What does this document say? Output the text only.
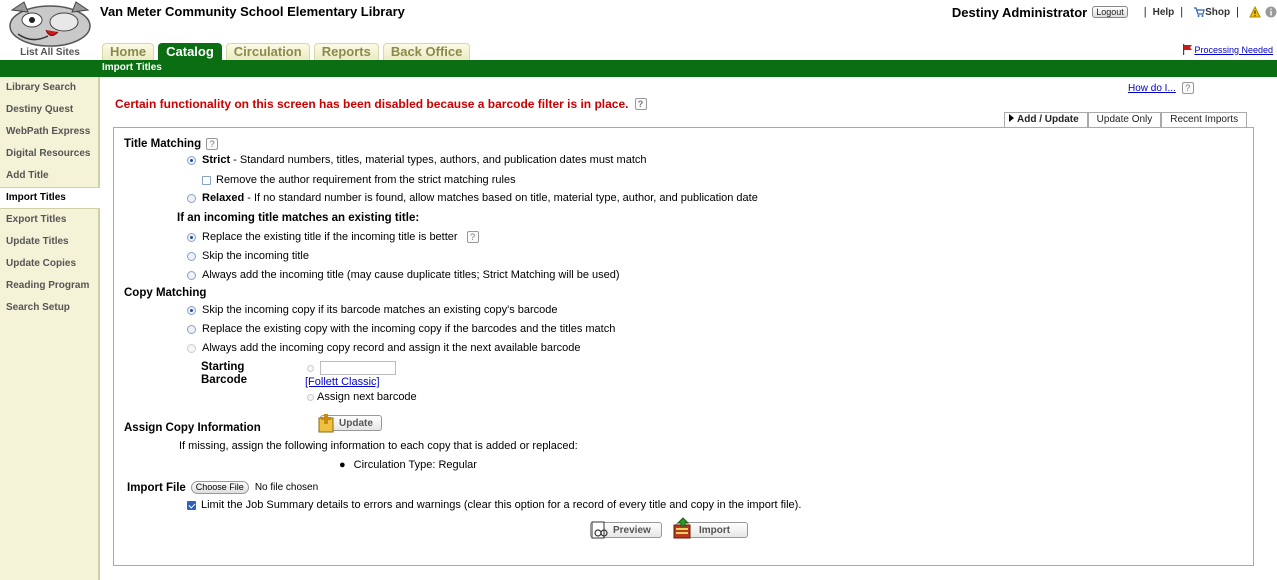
List All Sites
Van Meter Community School Elementary Library	Destiny Administrator	Logout	| Help | Shop |
Home	Catalog	Circulation	Reports	Back Office	Processing Needed
Import Titles
Library Search
Destiny Quest
WebPath Express
Digital Resources
Add Title
Import Titles
Export Titles
Update Titles
Update Copies
Reading Program
Search Setup
How do I...	?
Certain functionality on this screen has been disabled because a barcode filter is in place.	?
Add / Update	Update Only	Recent Imports
Title Matching ?
Strict - Standard numbers, titles, material types, authors, and publication dates must match
Remove the author requirement from the strict matching rules
Relaxed - If no standard number is found, allow matches based on title, material type, author, and publication date
If an incoming title matches an existing title:
Replace the existing title if the incoming title is better	?
Skip the incoming title
Always add the incoming title (may cause duplicate titles; Strict Matching will be used)
Copy Matching
Skip the incoming copy if its barcode matches an existing copy's barcode
Replace the existing copy with the incoming copy if the barcodes and the titles match
Always add the incoming copy record and assign it the next available barcode
Starting
Barcode	[Follett Classic]
Assign next barcode
Assign Copy Information	Update
If missing, assign the following information to each copy that is added or replaced:
● Circulation Type: Regular
Import File	Choose File	No file chosen
Limit the Job Summary details to errors and warnings (clear this option for a record of every title and copy in the import file).
Preview	Import
